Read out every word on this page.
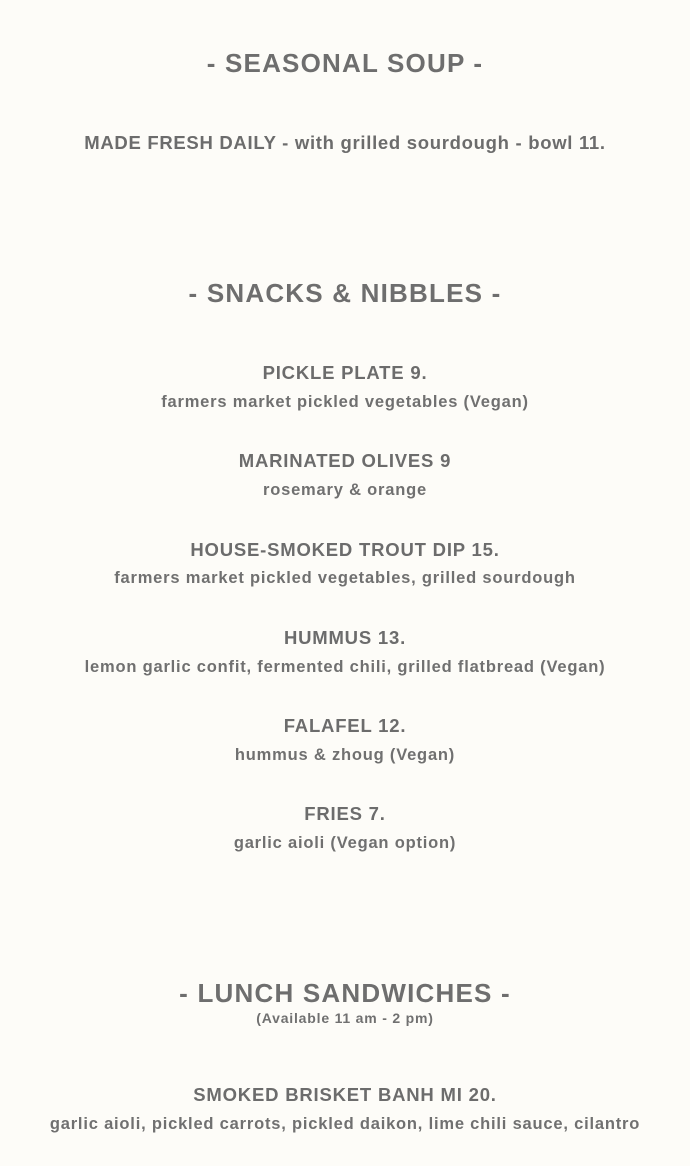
- SEASONAL SOUP -
MADE FRESH DAILY - with grilled sourdough - bowl 11.
- SNACKS & NIBBLES -
PICKLE PLATE 9.
farmers market pickled vegetables (Vegan)
MARINATED OLIVES 9
rosemary & orange
HOUSE-SMOKED TROUT DIP 15.
farmers market pickled vegetables, grilled sourdough
HUMMUS 13.
lemon garlic confit, fermented chili, grilled flatbread (Vegan)
FALAFEL 12.
hummus & zhoug (Vegan)
FRIES 7.
garlic aioli (Vegan option)
- LUNCH SANDWICHES -
(Available 11 am - 2 pm)
SMOKED BRISKET BANH MI 20.
garlic aioli, pickled carrots, pickled daikon, lime chili sauce, cilantro
